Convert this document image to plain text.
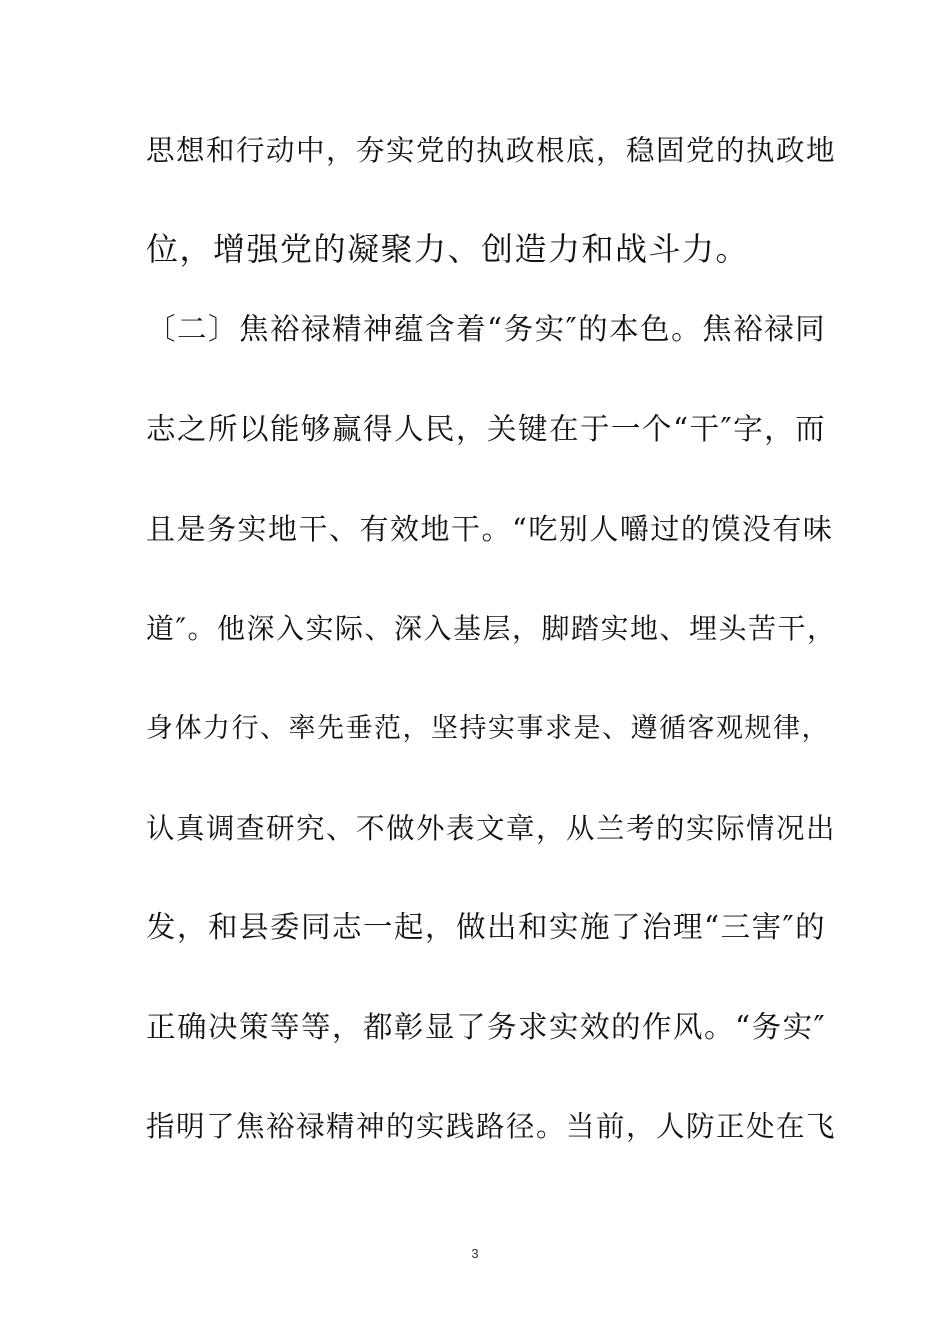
思想和行动中，夯实党的执政根底，稳固党的执政地
位，增强党的凝聚力、创造力和战斗力。
〔二〕焦裕禄精神蕴含着“务实″的本色。焦裕禄同
志之所以能够赢得人民，关键在于一个“干″字，而
且是务实地干、有效地干。“吃别人嚼过的馍没有味
道″。他深入实际、深入基层，脚踏实地、埋头苦干，
身体力行、率先垂范，坚持实事求是、遵循客观规律，
认真调查研究、不做外表文章，从兰考的实际情况出
发，和县委同志一起，做出和实施了治理“三害″的
正确决策等等，都彰显了务求实效的作风。“务实″
指明了焦裕禄精神的实践路径。当前，人防正处在飞
3
